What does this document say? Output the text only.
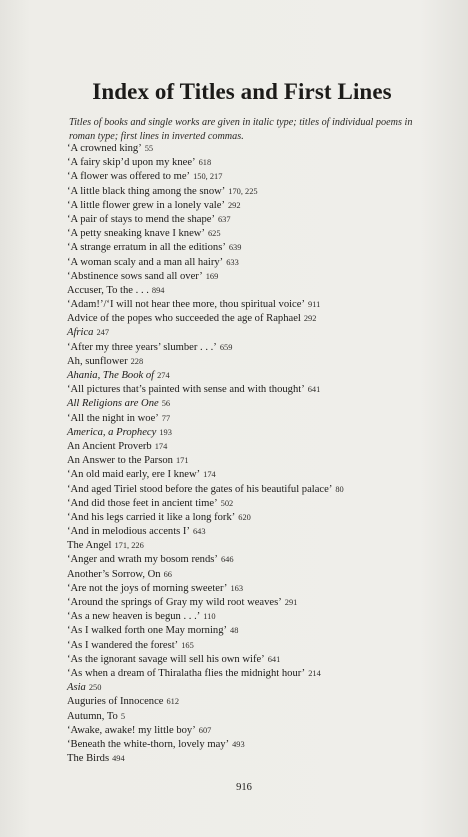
Index of Titles and First Lines

Titles of books and single works are given in italic type; titles of individual poems in roman type; first lines in inverted commas.

‘A crowned king’ 55
‘A fairy skip’d upon my knee’ 618
‘A flower was offered to me’ 150, 217
‘A little black thing among the snow’ 170, 225
‘A little flower grew in a lonely vale’ 292
‘A pair of stays to mend the shape’ 637
‘A petty sneaking knave I knew’ 625
‘A strange erratum in all the editions’ 639
‘A woman scaly and a man all hairy’ 633
‘Abstinence sows sand all over’ 169
Accuser, To the . . . 894
‘Adam!’/‘I will not hear thee more, thou spiritual voice’ 911
Advice of the popes who succeeded the age of Raphael 292
Africa 247
‘After my three years’ slumber . . .’ 659
Ah, sunflower 228
Ahania, The Book of 274
‘All pictures that’s painted with sense and with thought’ 641
All Religions are One 56
‘All the night in woe’ 77
America, a Prophecy 193
An Ancient Proverb 174
An Answer to the Parson 171
‘An old maid early, ere I knew’ 174
‘And aged Tiriel stood before the gates of his beautiful palace’ 80
‘And did those feet in ancient time’ 502
‘And his legs carried it like a long fork’ 620
‘And in melodious accents I’ 643
The Angel 171, 226
‘Anger and wrath my bosom rends’ 646
Another’s Sorrow, On 66
‘Are not the joys of morning sweeter’ 163
‘Around the springs of Gray my wild root weaves’ 291
‘As a new heaven is begun . . .’ 110
‘As I walked forth one May morning’ 48
‘As I wandered the forest’ 165
‘As the ignorant savage will sell his own wife’ 641
‘As when a dream of Thiralatha flies the midnight hour’ 214
Asia 250
Auguries of Innocence 612
Autumn, To 5
‘Awake, awake! my little boy’ 607
‘Beneath the white-thorn, lovely may’ 493
The Birds 494
916
